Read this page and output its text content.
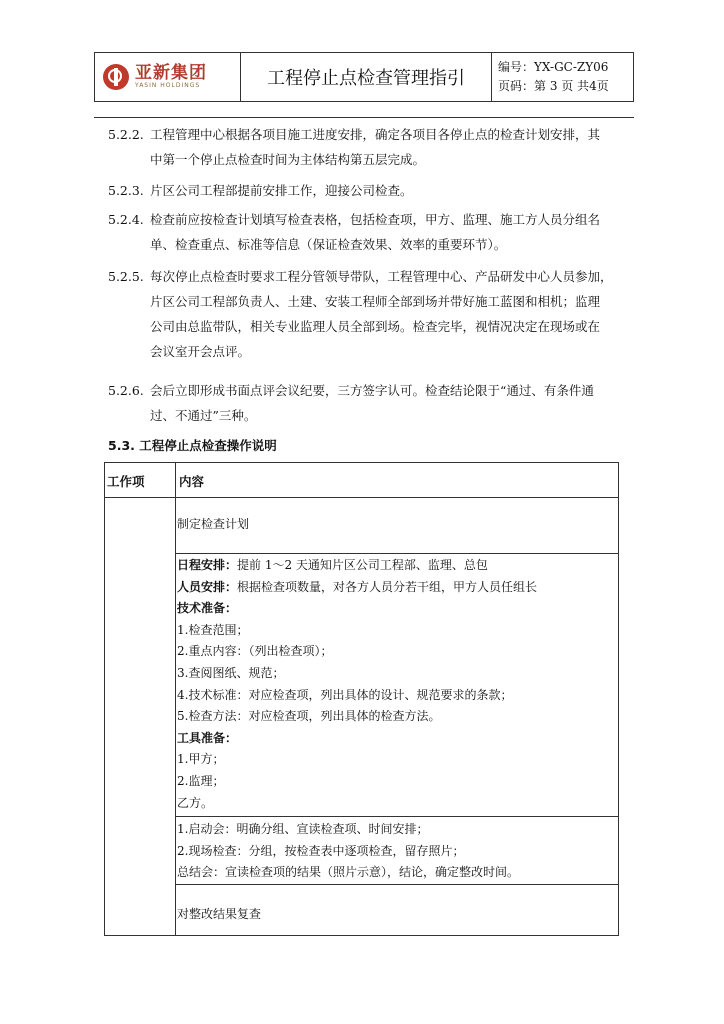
亚新集团
YASIN HOLDINGS	工程停止点检查管理指引
编号：YX-GC-ZY06
页码：第 3 页 共4页
5.2.2. 工程管理中心根据各项目施工进度安排，确定各项目各停止点的检查计划安排，其
中第一个停止点检查时间为主体结构第五层完成。
5.2.3. 片区公司工程部提前安排工作，迎接公司检查。
5.2.4. 检查前应按检查计划填写检查表格，包括检查项，甲方、监理、施工方人员分组名
单、检查重点、标准等信息（保证检查效果、效率的重要环节）。
5.2.5. 每次停止点检查时要求工程分管领导带队，工程管理中心、产品研发中心人员参加，
片区公司工程部负责人、土建、安装工程师全部到场并带好施工蓝图和相机；监理
公司由总监带队，相关专业监理人员全部到场。检查完毕，视情况决定在现场或在
会议室开会点评。
5.2.6. 会后立即形成书面点评会议纪要，三方签字认可。检查结论限于“通过、有条件通
过、不通过”三种。
5.3. 工程停止点检查操作说明
工作项	内容
制定检查计划
日程安排：提前 1～2 天通知片区公司工程部、监理、总包
人员安排：根据检查项数量，对各方人员分若干组，甲方人员任组长
技术准备：
1.检查范围；
2.重点内容：（列出检查项）；
3.查阅图纸、规范；
4.技术标准：对应检查项，列出具体的设计、规范要求的条款；
5.检查方法：对应检查项，列出具体的检查方法。
工具准备：
1.甲方；
2.监理；
乙方。
1.启动会：明确分组、宣读检查项、时间安排；
2.现场检查：分组，按检查表中逐项检查，留存照片；
总结会：宣读检查项的结果（照片示意），结论，确定整改时间。
对整改结果复查
